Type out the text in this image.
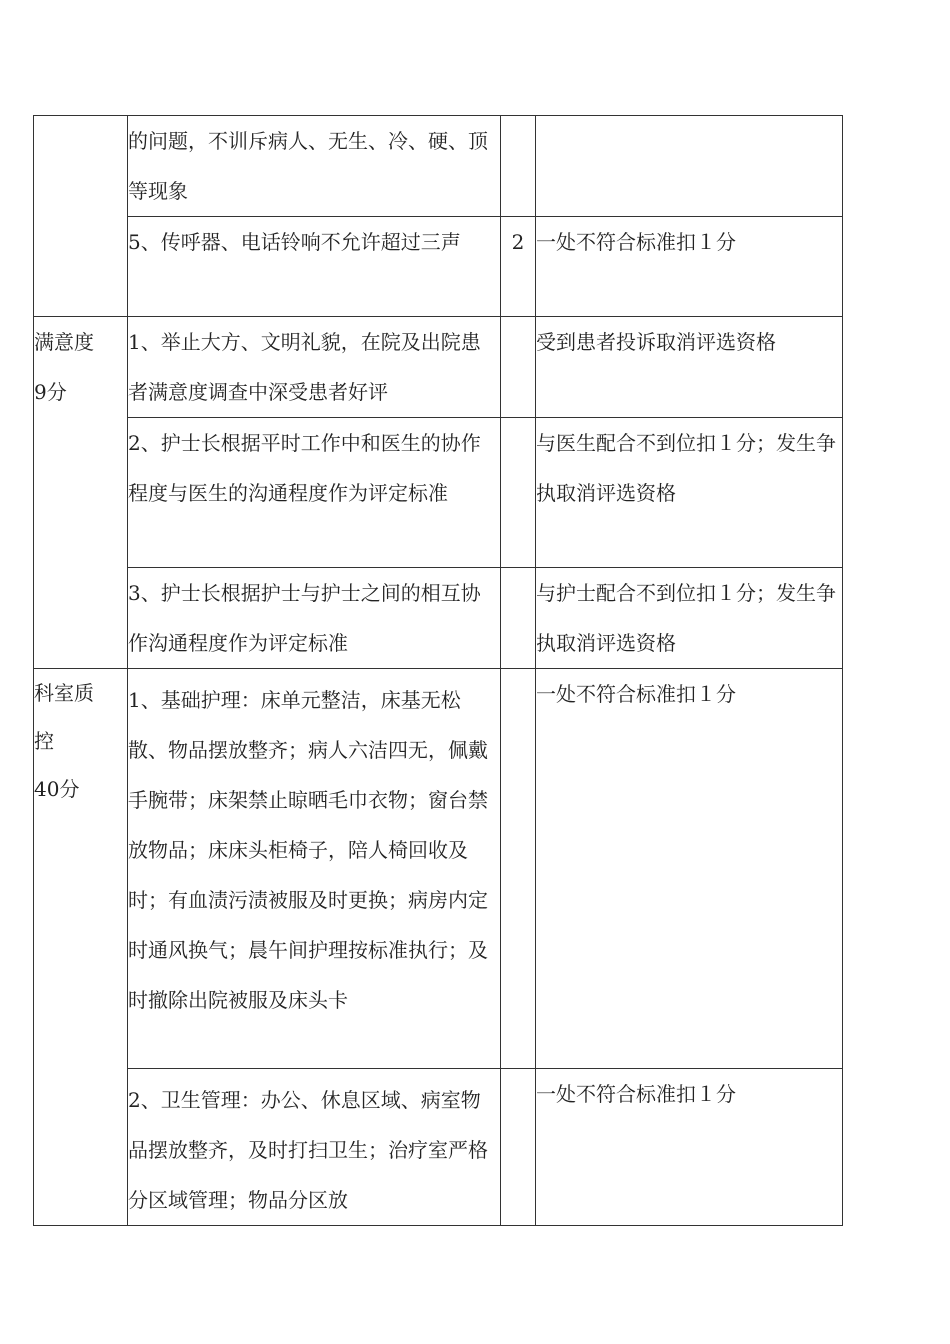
	的问题，不训斥病人、无生、冷、硬、顶等现象		

	5、传呼器、电话铃响不允许超过三声	2	一处不符合标准扣１分

满意度
9分	1、举止大方、文明礼貌，在院及出院患者满意度调查中深受患者好评		受到患者投诉取消评选资格

	2、护士长根据平时工作中和医生的协作程度与医生的沟通程度作为评定标准		与医生配合不到位扣１分；发生争执取消评选资格

	3、护士长根据护士与护士之间的相互协作沟通程度作为评定标准		与护士配合不到位扣１分；发生争执取消评选资格

科室质
控
40分	1、基础护理：床单元整洁，床基无松散、物品摆放整齐；病人六洁四无，佩戴手腕带；床架禁止晾晒毛巾衣物；窗台禁放物品；床床头柜椅子，陪人椅回收及时；有血渍污渍被服及时更换；病房内定时通风换气；晨午间护理按标准执行；及时撤除出院被服及床头卡		一处不符合标准扣１分

	2、卫生管理：办公、休息区域、病室物品摆放整齐，及时打扫卫生；治疗室严格分区域管理；物品分区放		一处不符合标准扣１分
